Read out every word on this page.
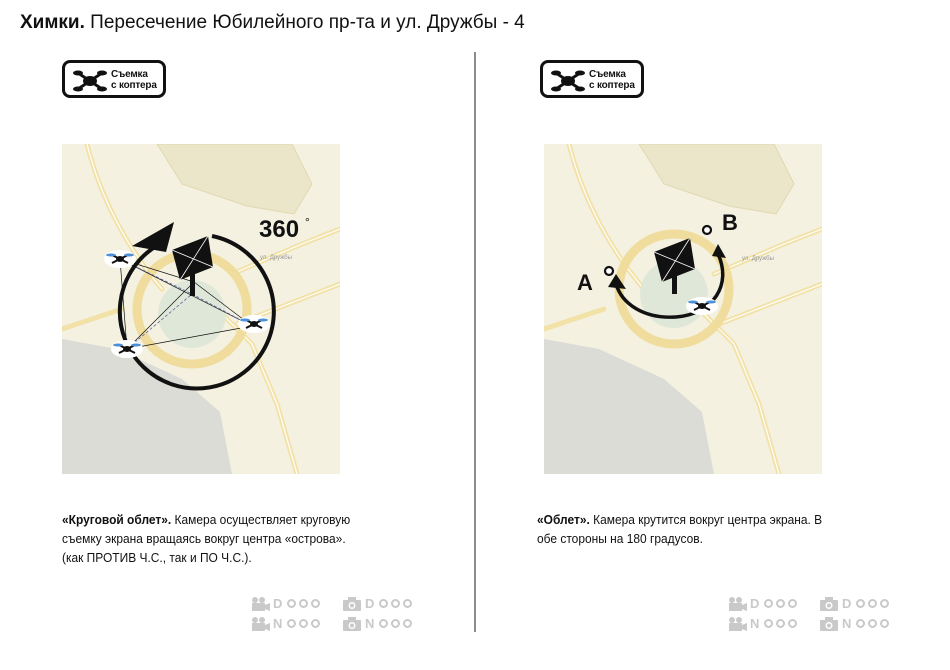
Химки. Пересечение Юбилейного пр-та и ул. Дружбы - 4
Съемка
с коптера
ул. Дружбы
360 °
«Круговой облет». Камера осуществляет круговую съемку экрана вращаясь вокруг центра «острова». (как ПРОТИВ Ч.С., так и ПО Ч.С.).
D	D
N	N
Съемка
с коптера
ул. Дружбы
A
B
«Облет». Камера крутится вокруг центра экрана. В обе стороны на 180 градусов.
D	D
N	N
